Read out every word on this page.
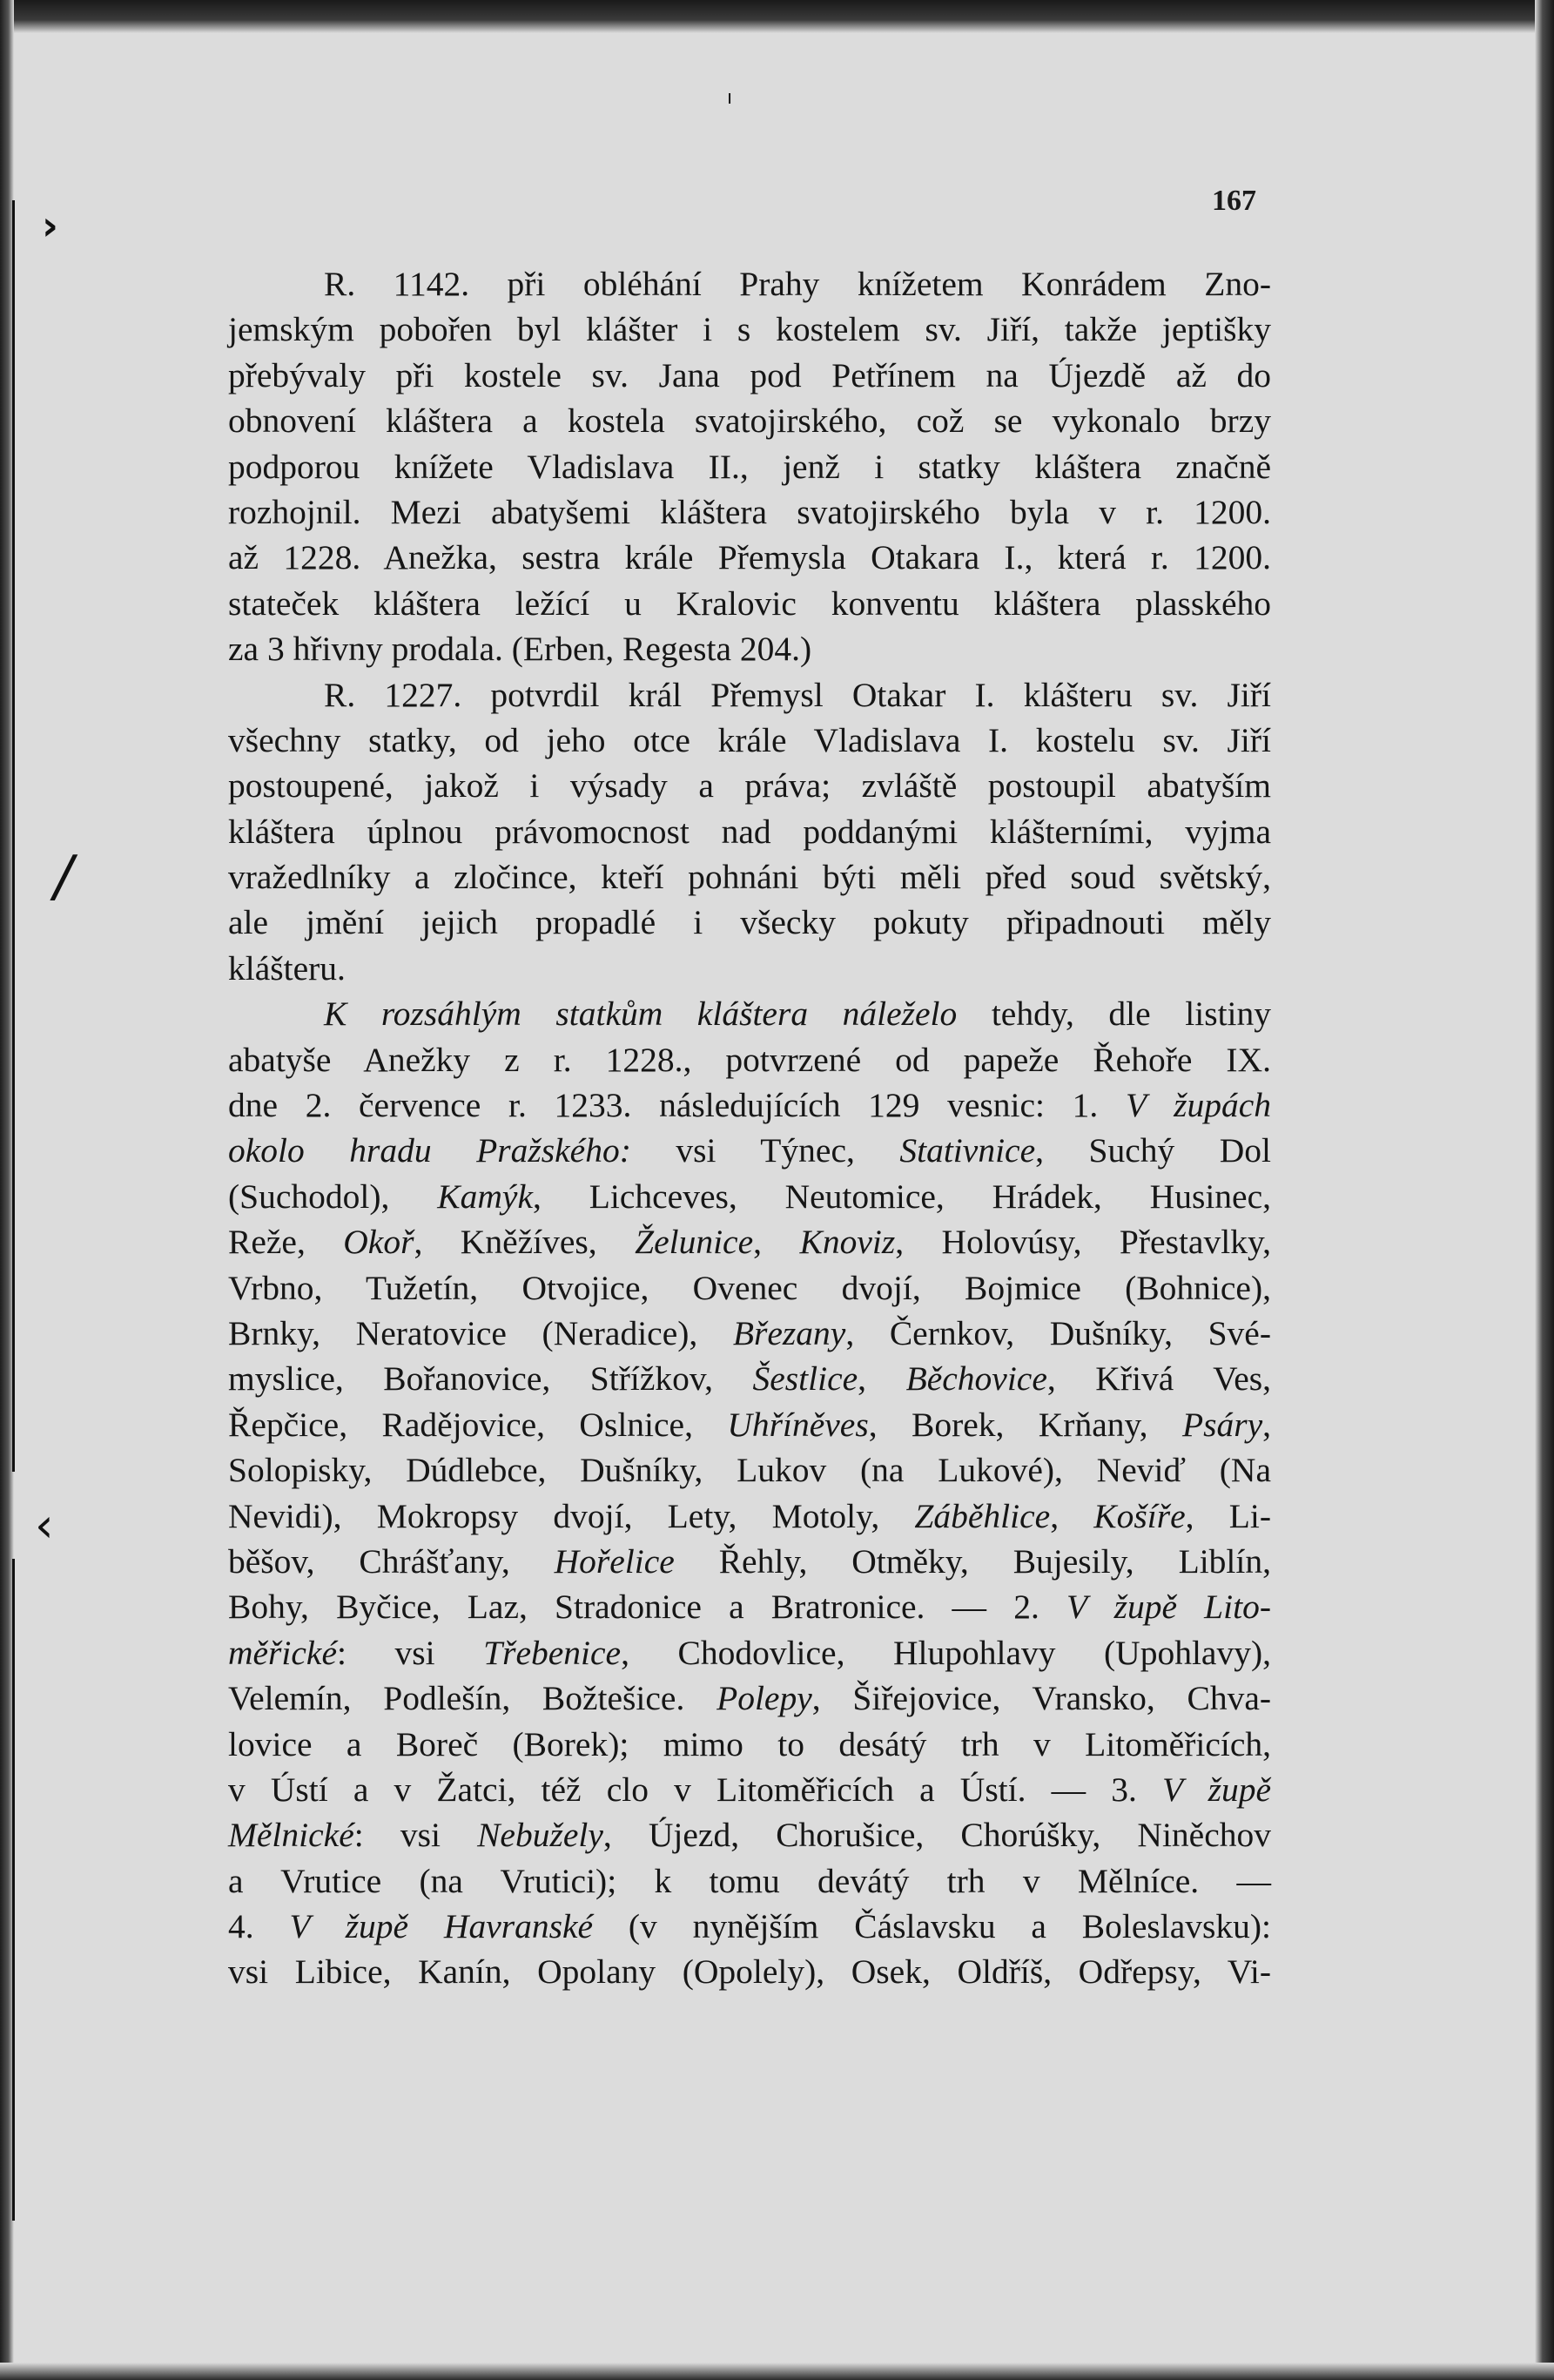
›
/
‹
ı
167
R. 1142. při obléhání Prahy knížetem Konrádem Zno-
jemským pobořen byl klášter i s kostelem sv. Jiří, takže jeptišky
přebývaly při kostele sv. Jana pod Petřínem na Újezdě až do
obnovení kláštera a kostela svatojirského, což se vykonalo brzy
podporou knížete Vladislava II., jenž i statky kláštera značně
rozhojnil. Mezi abatyšemi kláštera svatojirského byla v r. 1200.
až 1228. Anežka, sestra krále Přemysla Otakara I., která r. 1200.
stateček kláštera ležící u Kralovic konventu kláštera plasského
za 3 hřivny prodala. (Erben, Regesta 204.)
R. 1227. potvrdil král Přemysl Otakar I. klášteru sv. Jiří
všechny statky, od jeho otce krále Vladislava I. kostelu sv. Jiří
postoupené, jakož i výsady a práva; zvláště postoupil abatyším
kláštera úplnou právomocnost nad poddanými klášterními, vyjma
vražedlníky a zločince, kteří pohnáni býti měli před soud světský,
ale jmění jejich propadlé i všecky pokuty připadnouti měly
klášteru.
K rozsáhlým statkům kláštera náleželo tehdy, dle listiny
abatyše Anežky z r. 1228., potvrzené od papeže Řehoře IX.
dne 2. července r. 1233. následujících 129 vesnic: 1. V župách
okolo hradu Pražského: vsi Týnec, Stativnice, Suchý Dol
(Suchodol), Kamýk, Lichceves, Neutomice, Hrádek, Husinec,
Reže, Okoř, Kněžíves, Želunice, Knoviz, Holovúsy, Přestavlky,
Vrbno, Tužetín, Otvojice, Ovenec dvojí, Bojmice (Bohnice),
Brnky, Neratovice (Neradice), Březany, Černkov, Dušníky, Své-
myslice, Bořanovice, Střížkov, Šestlice, Běchovice, Křivá Ves,
Řepčice, Radějovice, Oslnice, Uhříněves, Borek, Krňany, Psáry,
Solopisky, Dúdlebce, Dušníky, Lukov (na Lukové), Neviď (Na
Nevidi), Mokropsy dvojí, Lety, Motoly, Záběhlice, Košíře, Li-
běšov, Chrášťany, Hořelice Řehly, Otměky, Bujesily, Liblín,
Bohy, Byčice, Laz, Stradonice a Bratronice. — 2. V župě Lito-
měřické: vsi Třebenice, Chodovlice, Hlupohlavy (Upohlavy),
Velemín, Podlešín, Božtešice. Polepy, Šiřejovice, Vransko, Chva-
lovice a Boreč (Borek); mimo to desátý trh v Litoměřicích,
v Ústí a v Žatci, též clo v Litoměřicích a Ústí. — 3. V župě
Mělnické: vsi Nebužely, Újezd, Chorušice, Chorúšky, Niněchov
a Vrutice (na Vrutici); k tomu devátý trh v Mělníce. —
4. V župě Havranské (v nynějším Čáslavsku a Boleslavsku):
vsi Libice, Kanín, Opolany (Opolely), Osek, Oldříš, Odřepsy, Vi-
